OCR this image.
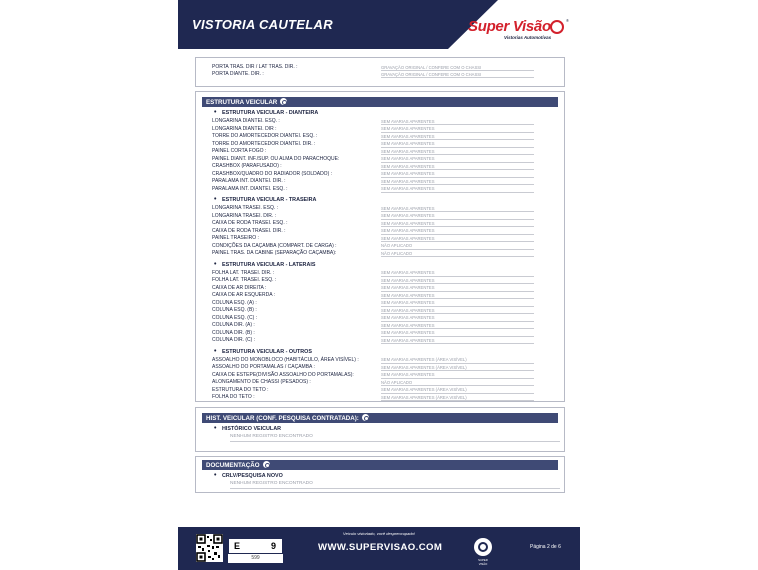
VISTORIA CAUTELAR	Super Visão	®
Vistorias Automotivas
PORTA TRAS. DIR / LAT TRAS. DIR. :	GRAVAÇÃO ORIGINAL / CONFERE COM O CHASSI
PORTA DIANTE. DIR. :	GRAVAÇÃO ORIGINAL / CONFERE COM O CHASSI
ESTRUTURA VEICULAR
• ESTRUTURA VEICULAR - DIANTEIRA
LONGARINA DIANTEI. ESQ. :	SEM AVARIAS APARENTES
LONGARINA DIANTEI. DIR :	SEM AVARIAS APARENTES
TORRE DO AMORTECEDOR DIANTEI. ESQ. :	SEM AVARIAS APARENTES
TORRE DO AMORTECEDOR DIANTEI. DIR. :	SEM AVARIAS APARENTES
PAINEL CORTA FOGO :	SEM AVARIAS APARENTES
PAINEL DIANT. INF./SUP. OU ALMA DO PARACHOQUE:	SEM AVARIAS APARENTES
CRASHBOX (PARAFUSADO) :	SEM AVARIAS APARENTES
CRASHBOX/QUADRO DO RADIADOR (SOLDADO) :	SEM AVARIAS APARENTES
PARALAMA INT. DIANTEI. DIR. :	SEM AVARIAS APARENTES
PARALAMA INT. DIANTEI. ESQ. :	SEM AVARIAS APARENTES
• ESTRUTURA VEICULAR - TRASEIRA
LONGARINA TRASEI. ESQ. :	SEM AVARIAS APARENTES
LONGARINA TRASEI. DIR. :	SEM AVARIAS APARENTES
CAIXA DE RODA TRASEI. ESQ. :	SEM AVARIAS APARENTES
CAIXA DE RODA TRASEI. DIR. :	SEM AVARIAS APARENTES
PAINEL TRASEIRO :	SEM AVARIAS APARENTES
CONDIÇÕES DA CAÇAMBA (COMPART. DE CARGA) :	NÃO APLICADO
PAINEL TRAS. DA CABINE (SEPARAÇÃO CAÇAMBA):	NÃO APLICADO
• ESTRUTURA VEICULAR - LATERAIS
FOLHA LAT. TRASEI. DIR. :	SEM AVARIAS APARENTES
FOLHA LAT. TRASEI. ESQ. :	SEM AVARIAS APARENTES
CAIXA DE AR DIREITA :	SEM AVARIAS APARENTES
CAIXA DE AR ESQUERDA :	SEM AVARIAS APARENTES
COLUNA ESQ. (A) :	SEM AVARIAS APARENTES
COLUNA ESQ. (B) :	SEM AVARIAS APARENTES
COLUNA ESQ. (C) :	SEM AVARIAS APARENTES
COLUNA DIR. (A) :	SEM AVARIAS APARENTES
COLUNA DIR. (B) :	SEM AVARIAS APARENTES
COLUNA DIR. (C) :	SEM AVARIAS APARENTES
• ESTRUTURA VEICULAR - OUTROS
ASSOALHO DO MONOBLOCO (HABITÁCULO, ÁREA VISÍVEL) :	SEM AVARIAS APARENTES (ÁREA VISÍVEL)
ASSOALHO DO PORTAMALAS / CAÇAMBA :	SEM AVARIAS APARENTES (ÁREA VISÍVEL)
CAIXA DE ESTEPE(DIVISÃO ASSOALHO DO PORTAMALAS):	SEM AVARIAS APARENTES
ALONGAMENTO DE CHASSI (PESADOS) :	NÃO APLICADO
ESTRUTURA DO TETO :	SEM AVARIAS APARENTES (ÁREA VISÍVEL)
FOLHA DO TETO :	SEM AVARIAS APARENTES (ÁREA VISÍVEL)
HIST. VEICULAR (CONF. PESQUISA CONTRATADA):
• HISTÓRICO VEICULAR
NENHUM REGISTRO ENCONTRADO
DOCUMENTAÇÃO
• CRLV/PESQUISA NOVO
NENHUM REGISTRO ENCONTRADO
Veículo vistoriado, você despreocupado!
E	9
599
WWW.SUPERVISAO.COM
SUPER VISÃO
Página 2 de 6
